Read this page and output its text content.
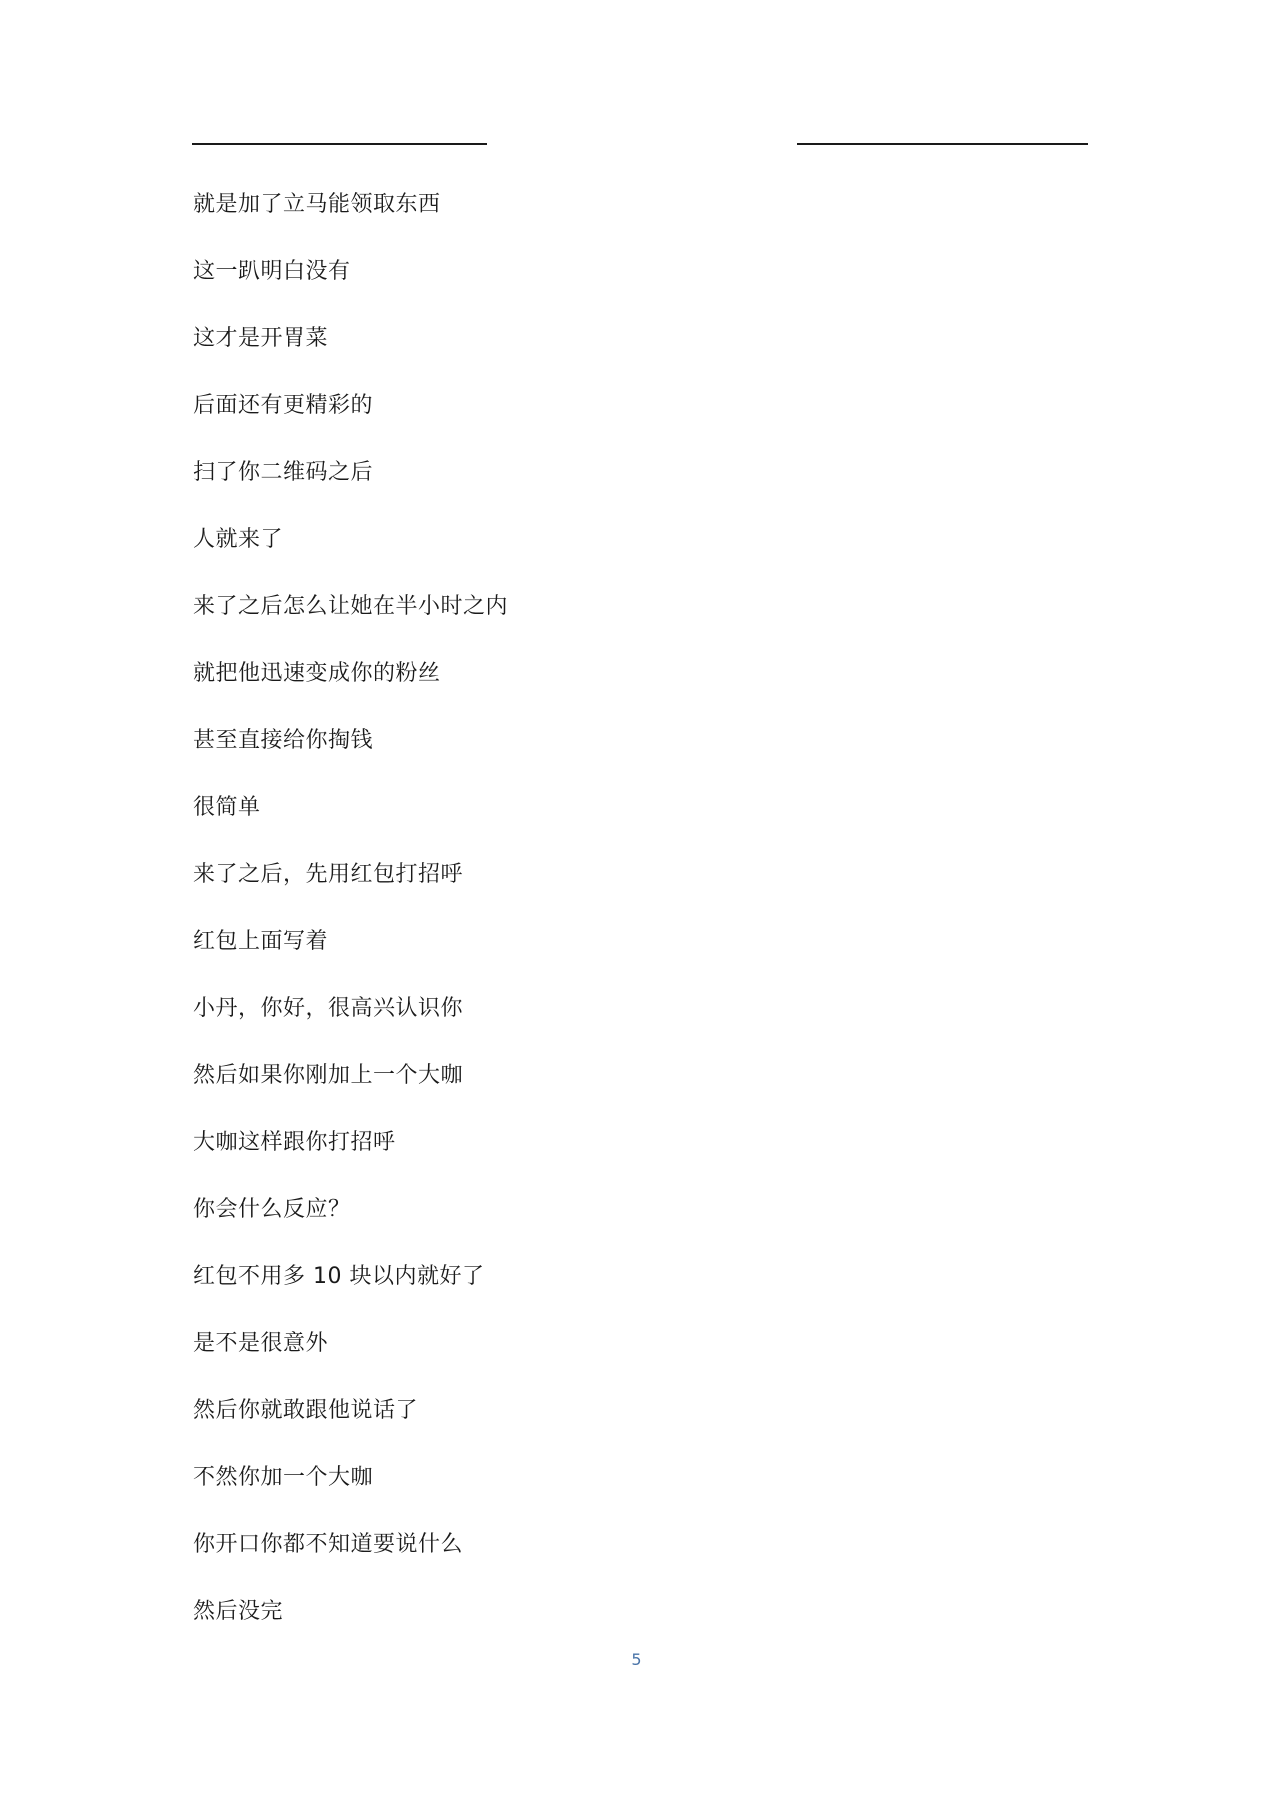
就是加了立马能领取东西
这一趴明白没有
这才是开胃菜
后面还有更精彩的
扫了你二维码之后
人就来了
来了之后怎么让她在半小时之内
就把他迅速变成你的粉丝
甚至直接给你掏钱
很简单
来了之后，先用红包打招呼
红包上面写着
小丹，你好，很高兴认识你
然后如果你刚加上一个大咖
大咖这样跟你打招呼
你会什么反应？
红包不用多 10 块以内就好了
是不是很意外
然后你就敢跟他说话了
不然你加一个大咖
你开口你都不知道要说什么
然后没完
5
